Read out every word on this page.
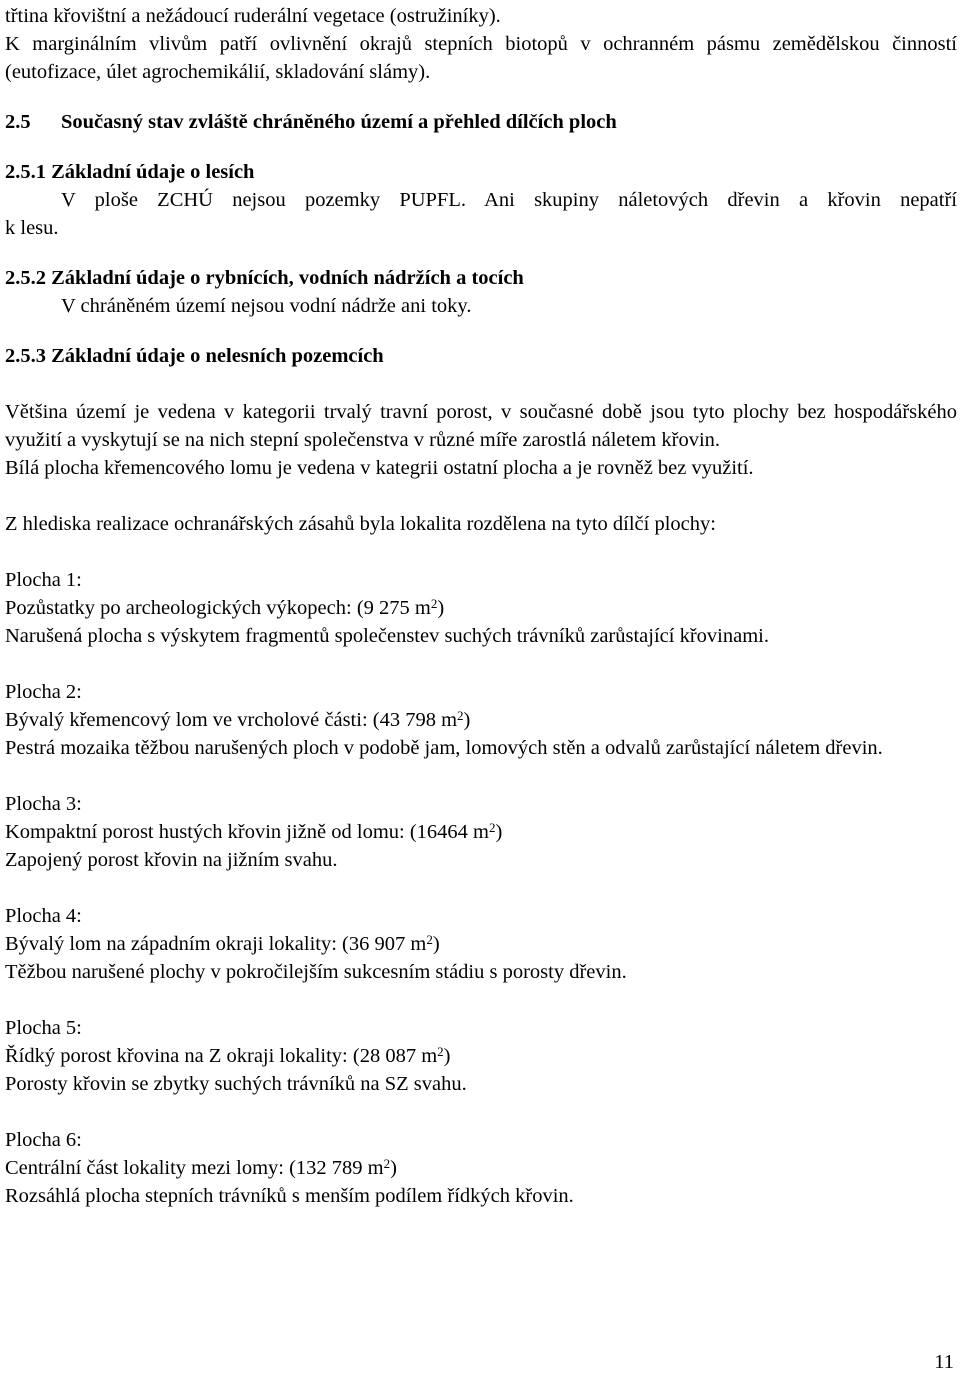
třtina křovištní a nežádoucí ruderální vegetace (ostružiníky).

K marginálním vlivům patří ovlivnění okrajů stepních biotopů v ochranném pásmu zemědělskou činností (eutofizace, úlet agrochemikálií, skladování slámy).

2.5 Současný stav zvláště chráněného území a přehled dílčích ploch

2.5.1 Základní údaje o lesích

V ploše ZCHÚ nejsou pozemky PUPFL. Ani skupiny náletových dřevin a křovin nepatří

k lesu.

2.5.2 Základní údaje o rybnících, vodních nádržích a tocích

V chráněném území nejsou vodní nádrže ani toky.

2.5.3 Základní údaje o nelesních pozemcích

Většina území je vedena v kategorii trvalý travní porost, v současné době jsou tyto plochy bez hospodářského využití a vyskytují se na nich stepní společenstva v různé míře zarostlá náletem křovin.

Bílá plocha křemencového lomu je vedena v kategrii ostatní plocha a je rovněž bez využití.

Z hlediska realizace ochranářských zásahů byla lokalita rozdělena na tyto dílčí plochy:

Plocha 1:

Pozůstatky po archeologických výkopech: (9 275 $m^2$)

Narušená plocha s výskytem fragmentů společenstev suchých trávníků zarůstající křovinami.

Plocha 2:

Bývalý křemencový lom ve vrcholové části: (43 798 $m^2$)

Pestrá mozaika těžbou narušených ploch v podobě jam, lomových stěn a odvalů zarůstající náletem dřevin.

Plocha 3:

Kompaktní porost hustých křovin jižně od lomu: (16464 $m^2$)

Zapojený porost křovin na jižním svahu.

Plocha 4:

Bývalý lom na západním okraji lokality: (36 907 $m^2$)

Těžbou narušené plochy v pokročilejším sukcesním stádiu s porosty dřevin.

Plocha 5:

Řídký porost křovina na Z okraji lokality: (28 087 $m^2$)

Porosty křovin se zbytky suchých trávníků na SZ svahu.

Plocha 6:

Centrální část lokality mezi lomy: (132 789 $m^2$)

Rozsáhlá plocha stepních trávníků s menším podílem řídkých křovin.

11
